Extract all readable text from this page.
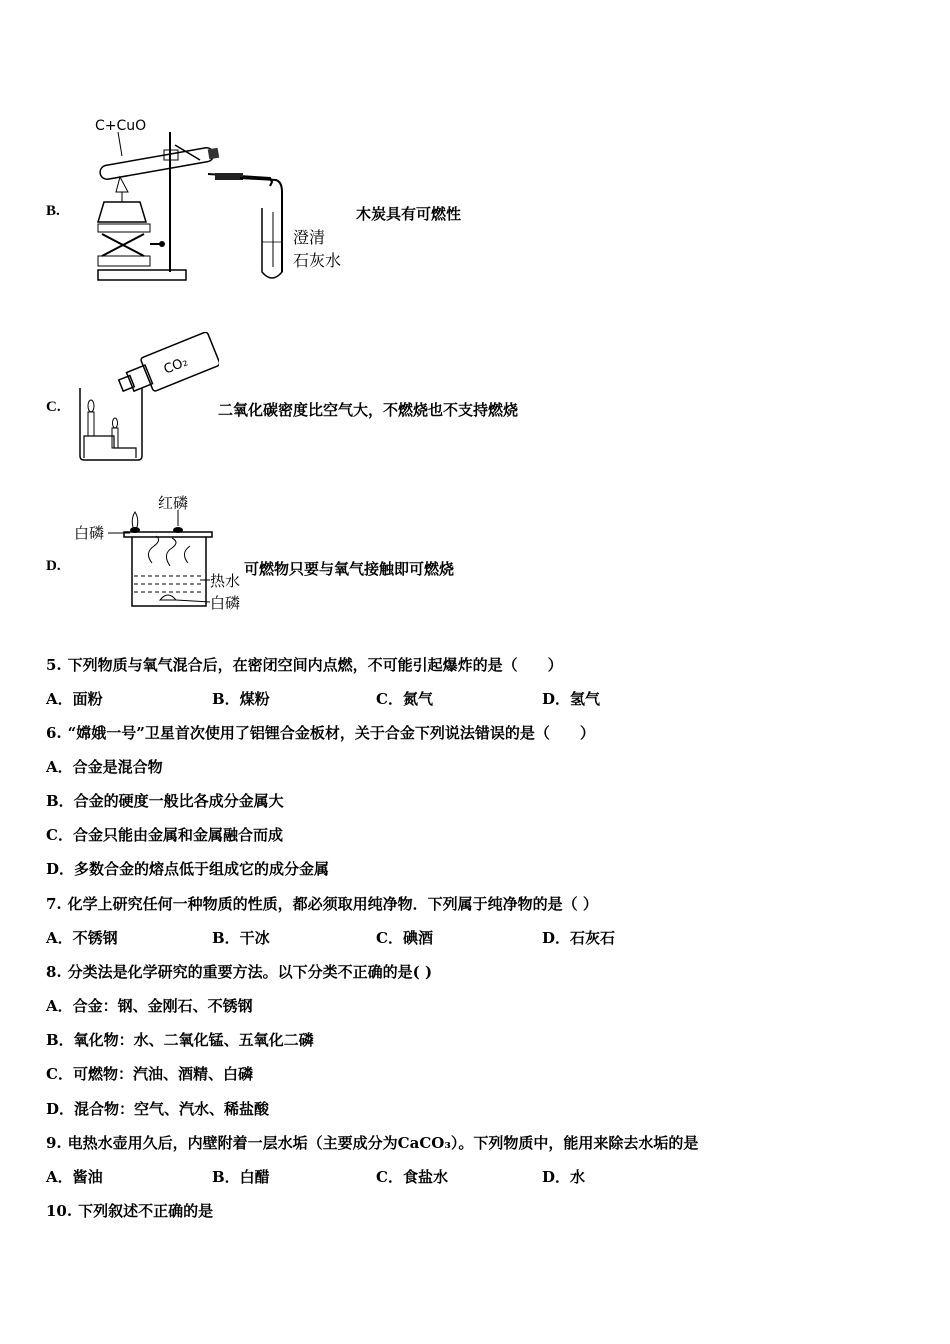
B.
C+CuO
澄清
石灰水
木炭具有可燃性
C.
CO₂
二氧化碳密度比空气大，不燃烧也不支持燃烧
D.
红磷
白磷
热水
白磷
可燃物只要与氧气接触即可燃烧
5. 下列物质与氧气混合后，在密闭空间内点燃，不可能引起爆炸的是（　　）
A．面粉	B．煤粉	C．氮气	D．氢气
6. “嫦娥一号”卫星首次使用了铝锂合金板材，关于合金下列说法错误的是（　　）
A．合金是混合物
B．合金的硬度一般比各成分金属大
C．合金只能由金属和金属融合而成
D．多数合金的熔点低于组成它的成分金属
7. 化学上研究任何一种物质的性质，都必须取用纯净物．下列属于纯净物的是（ ）
A．不锈钢	B．干冰	C．碘酒	D．石灰石
8. 分类法是化学研究的重要方法。以下分类不正确的是( )
A．合金：钢、金刚石、不锈钢
B．氧化物：水、二氧化锰、五氧化二磷
C．可燃物：汽油、酒精、白磷
D．混合物：空气、汽水、稀盐酸
9. 电热水壶用久后，内壁附着一层水垢（主要成分为CaCO₃）。下列物质中，能用来除去水垢的是
A．酱油	B．白醋	C．食盐水	D．水
10. 下列叙述不正确的是
